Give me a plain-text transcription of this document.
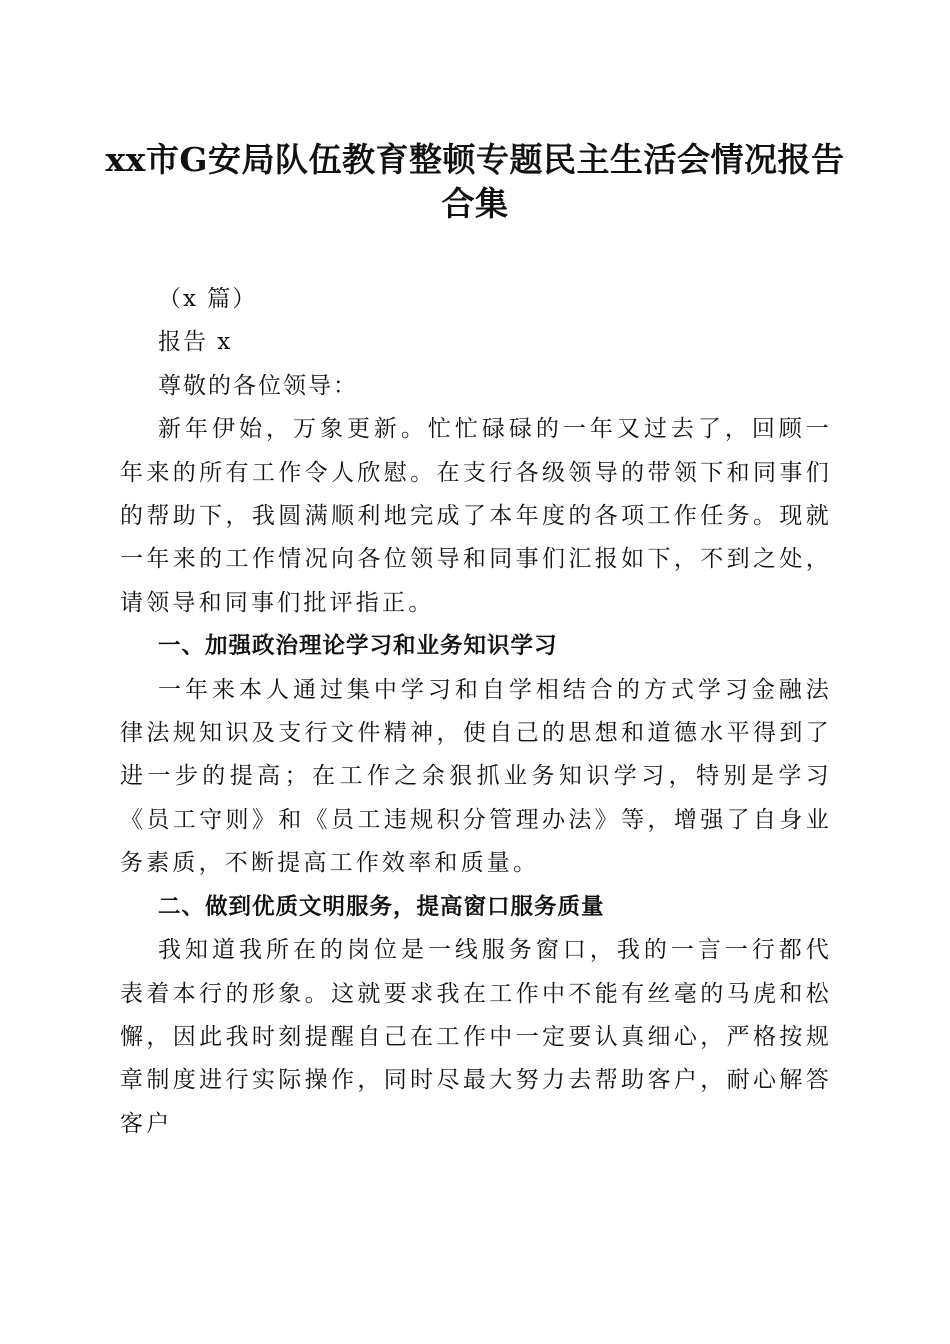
xx市G安局队伍教育整顿专题民主生活会情况报告合集

（x 篇）

报告 x

尊敬的各位领导：

新年伊始，万象更新。忙忙碌碌的一年又过去了，回顾一年来的所有工作令人欣慰。在支行各级领导的带领下和同事们的帮助下，我圆满顺利地完成了本年度的各项工作任务。现就一年来的工作情况向各位领导和同事们汇报如下，不到之处，请领导和同事们批评指正。

一、加强政治理论学习和业务知识学习

一年来本人通过集中学习和自学相结合的方式学习金融法律法规知识及支行文件精神，使自己的思想和道德水平得到了进一步的提高；在工作之余狠抓业务知识学习，特别是学习《员工守则》和《员工违规积分管理办法》等，增强了自身业务素质，不断提高工作效率和质量。

二、做到优质文明服务，提高窗口服务质量

我知道我所在的岗位是一线服务窗口，我的一言一行都代表着本行的形象。这就要求我在工作中不能有丝毫的马虎和松懈，因此我时刻提醒自己在工作中一定要认真细心，严格按规章制度进行实际操作，同时尽最大努力去帮助客户，耐心解答客户
